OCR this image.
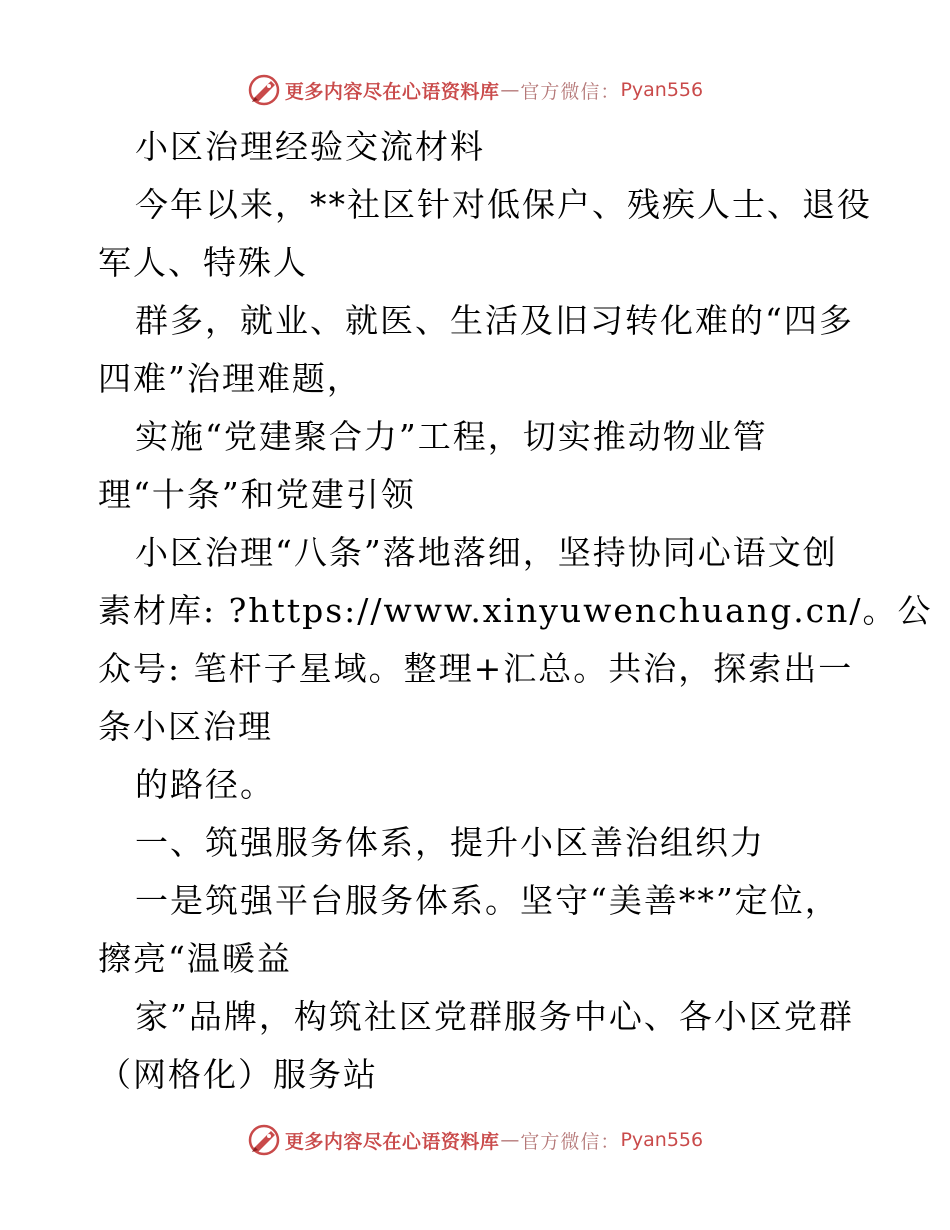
更多内容尽在心语资料库 — 官方微信： Pyan556
小区治理经验交流材料
今年以来，**社区针对低保户、残疾人士、退役
军人、特殊人
群多，就业、就医、生活及旧习转化难的“四多
四难”治理难题，
实施“党建聚合力”工程，切实推动物业管
理“十条”和党建引领
小区治理“八条”落地落细，坚持协同心语文创
素材库: ?https://www.xinyuwenchuang.cn/。公
众号: 笔杆子星域。整理+汇总。共治，探索出一
条小区治理
的路径。
一、筑强服务体系，提升小区善治组织力
一是筑强平台服务体系。坚守“美善**”定位，
擦亮“温暖益
家”品牌，构筑社区党群服务中心、各小区党群
（网格化）服务站
更多内容尽在心语资料库 — 官方微信： Pyan556
